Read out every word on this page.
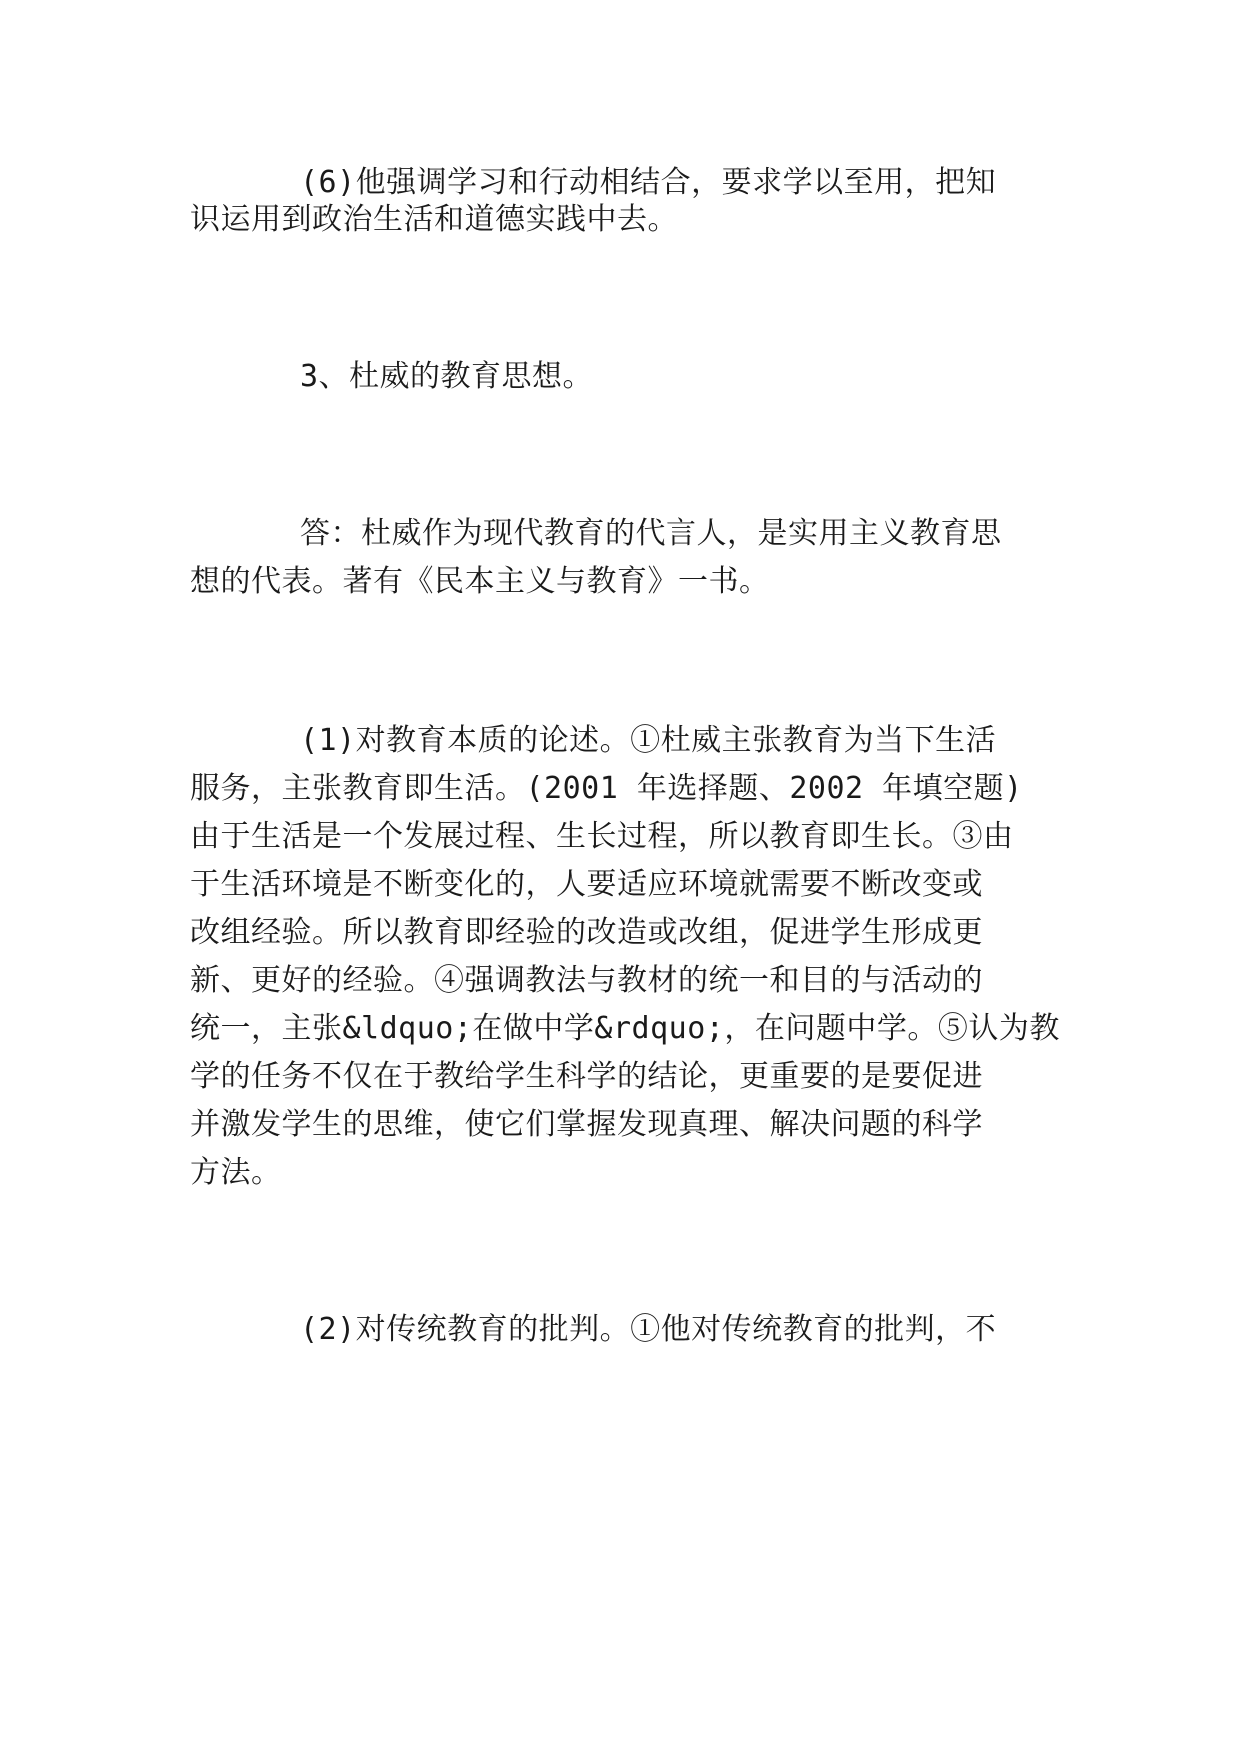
(6)他强调学习和行动相结合，要求学以至用，把知
识运用到政治生活和道德实践中去。
3、杜威的教育思想。
答：杜威作为现代教育的代言人，是实用主义教育思
想的代表。著有《民本主义与教育》一书。
(1)对教育本质的论述。①杜威主张教育为当下生活
服务，主张教育即生活。(2001 年选择题、2002 年填空题)
由于生活是一个发展过程、生长过程，所以教育即生长。③由
于生活环境是不断变化的，人要适应环境就需要不断改变或
改组经验。所以教育即经验的改造或改组，促进学生形成更
新、更好的经验。④强调教法与教材的统一和目的与活动的
统一，主张&ldquo;在做中学&rdquo;，在问题中学。⑤认为教
学的任务不仅在于教给学生科学的结论，更重要的是要促进
并激发学生的思维，使它们掌握发现真理、解决问题的科学
方法。
(2)对传统教育的批判。①他对传统教育的批判，不
